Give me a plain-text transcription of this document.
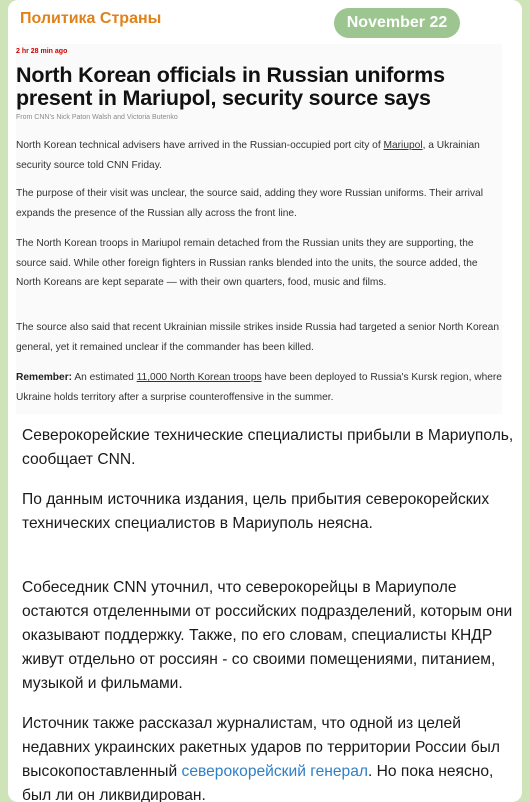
Политика Страны	November 22
2 hr 28 min ago
North Korean officials in Russian uniforms present in Mariupol, security source says
From CNN’s Nick Paton Walsh and Victoria Butenko

North Korean technical advisers have arrived in the Russian-occupied port city of Mariupol, a Ukrainian security source told CNN Friday.

The purpose of their visit was unclear, the source said, adding they wore Russian uniforms. Their arrival expands the presence of the Russian ally across the front line.

The North Korean troops in Mariupol remain detached from the Russian units they are supporting, the source said. While other foreign fighters in Russian ranks blended into the units, the source added, the North Koreans are kept separate — with their own quarters, food, music and films.

The source also said that recent Ukrainian missile strikes inside Russia had targeted a senior North Korean general, yet it remained unclear if the commander has been killed.

Remember: An estimated 11,000 North Korean troops have been deployed to Russia's Kursk region, where Ukraine holds territory after a surprise counteroffensive in the summer.

Северокорейские технические специалисты прибыли в Мариуполь, сообщает CNN.

По данным источника издания, цель прибытия северокорейских технических специалистов в Мариуполь неясна.

Собеседник CNN уточнил, что северокорейцы в Мариуполе остаются отделенными от российских подразделений, которым они оказывают поддержку. Также, по его словам, специалисты КНДР живут отдельно от россиян - со своими помещениями, питанием, музыкой и фильмами.

Источник также рассказал журналистам, что одной из целей недавних украинских ракетных ударов по территории России был высокопоставленный северокорейский генерал. Но пока неясно, был ли он ликвидирован.
